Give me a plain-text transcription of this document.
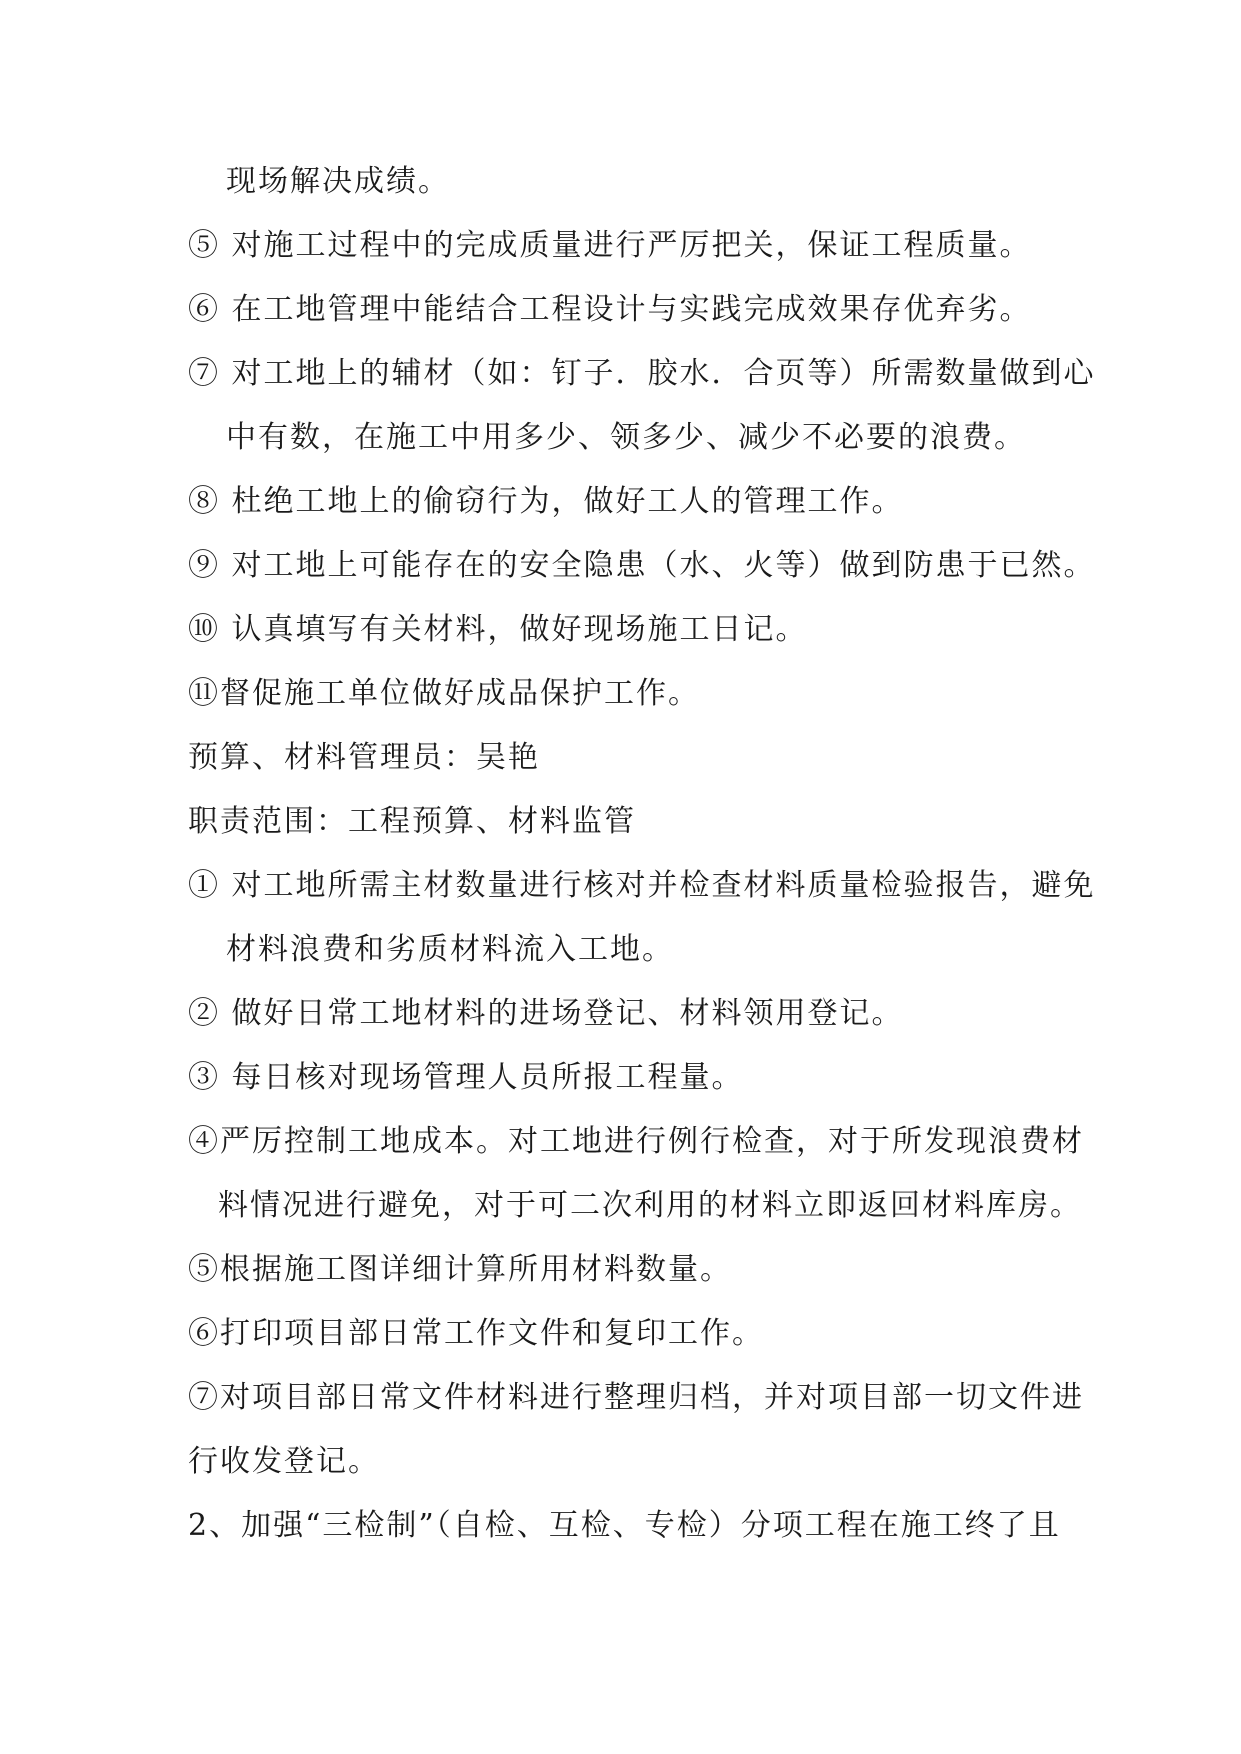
现场解决成绩。
⑤ 对施工过程中的完成质量进行严厉把关，保证工程质量。
⑥ 在工地管理中能结合工程设计与实践完成效果存优弃劣。
⑦ 对工地上的辅材（如：钉子．胶水．合页等）所需数量做到心
中有数，在施工中用多少、领多少、减少不必要的浪费。
⑧ 杜绝工地上的偷窃行为，做好工人的管理工作。
⑨ 对工地上可能存在的安全隐患（水、火等）做到防患于已然。
⑩ 认真填写有关材料，做好现场施工日记。
⑪督促施工单位做好成品保护工作。
预算、材料管理员：吴艳
职责范围：工程预算、材料监管
① 对工地所需主材数量进行核对并检查材料质量检验报告，避免
材料浪费和劣质材料流入工地。
② 做好日常工地材料的进场登记、材料领用登记。
③ 每日核对现场管理人员所报工程量。
④严厉控制工地成本。对工地进行例行检查，对于所发现浪费材
料情况进行避免，对于可二次利用的材料立即返回材料库房。
⑤根据施工图详细计算所用材料数量。
⑥打印项目部日常工作文件和复印工作。
⑦对项目部日常文件材料进行整理归档，并对项目部一切文件进
行收发登记。
2、加强“三检制”（自检、互检、专检）分项工程在施工终了且
